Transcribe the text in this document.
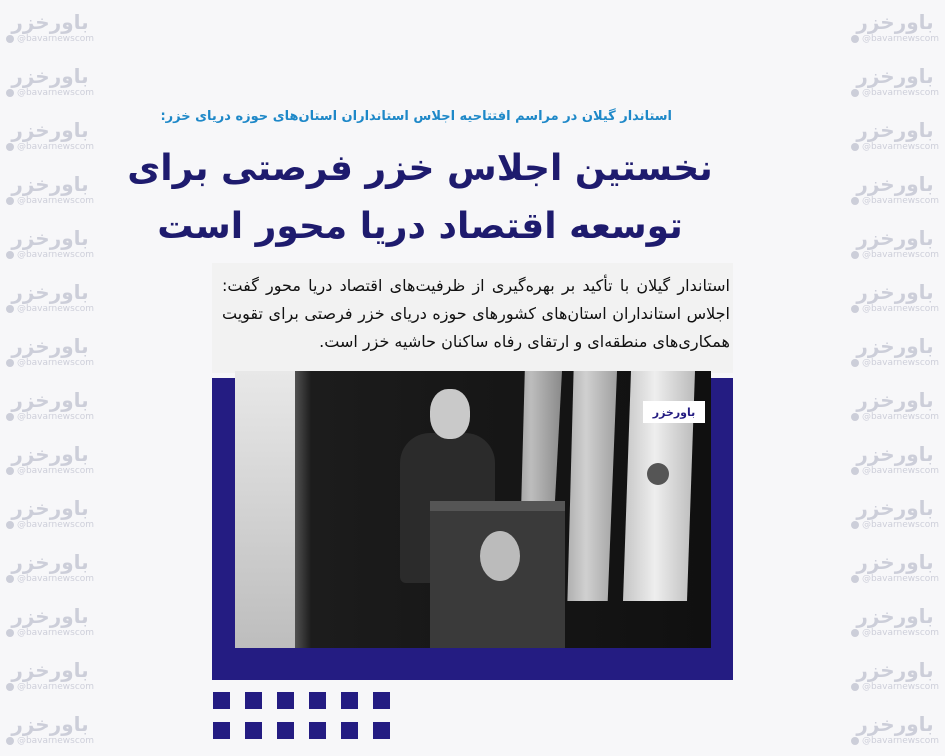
باورخزر
@bavarnewscom
باورخزر
@bavarnewscom
باورخزر
@bavarnewscom
باورخزر
@bavarnewscom
باورخزر
@bavarnewscom
باورخزر
@bavarnewscom
باورخزر
@bavarnewscom
باورخزر
@bavarnewscom
باورخزر
@bavarnewscom
باورخزر
@bavarnewscom
باورخزر
@bavarnewscom
باورخزر
@bavarnewscom
باورخزر
@bavarnewscom
باورخزر
@bavarnewscom
باورخزر
@bavarnewscom
باورخزر
@bavarnewscom
باورخزر
@bavarnewscom
باورخزر
@bavarnewscom
باورخزر
@bavarnewscom
باورخزر
@bavarnewscom
باورخزر
@bavarnewscom
باورخزر
@bavarnewscom
باورخزر
@bavarnewscom
باورخزر
@bavarnewscom
باورخزر
@bavarnewscom
باورخزر
@bavarnewscom
باورخزر
@bavarnewscom
باورخزر
@bavarnewscom
استاندار گیلان در مراسم افتتاحیه اجلاس استانداران استان‌های حوزه دریای خزر:
نخستین اجلاس خزر فرصتی برای توسعه اقتصاد دریا محور است

استاندار گیلان با تأکید بر بهره‌گیری از ظرفیت‌های اقتصاد دریا محور گفت: اجلاس استانداران استان‌های کشورهای حوزه دریای خزر فرصتی برای تقویت همکاری‌های منطقه‌ای و ارتقای رفاه ساکنان حاشیه خزر است.

باورخزر
